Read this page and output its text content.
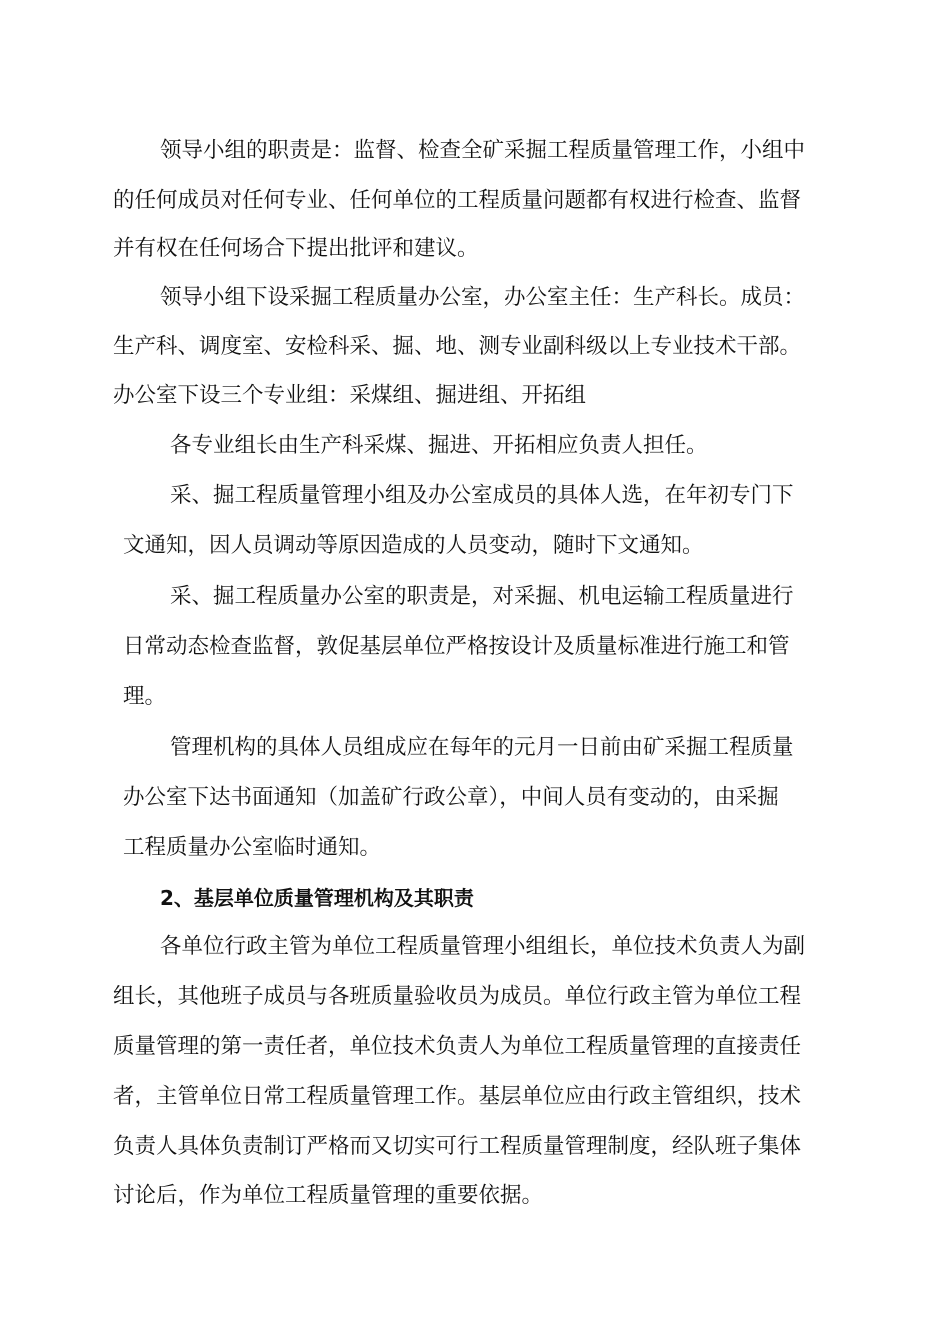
领导小组的职责是：监督、检查全矿采掘工程质量管理工作，小组中

的任何成员对任何专业、任何单位的工程质量问题都有权进行检查、监督

并有权在任何场合下提出批评和建议。

领导小组下设采掘工程质量办公室，办公室主任：生产科长。成员：

生产科、调度室、安检科采、掘、地、测专业副科级以上专业技术干部。

办公室下设三个专业组：采煤组、掘进组、开拓组

各专业组长由生产科采煤、掘进、开拓相应负责人担任。

采、掘工程质量管理小组及办公室成员的具体人选，在年初专门下

文通知，因人员调动等原因造成的人员变动，随时下文通知。

采、掘工程质量办公室的职责是，对采掘、机电运输工程质量进行

日常动态检查监督，敦促基层单位严格按设计及质量标准进行施工和管

理。

管理机构的具体人员组成应在每年的元月一日前由矿采掘工程质量

办公室下达书面通知（加盖矿行政公章），中间人员有变动的，由采掘

工程质量办公室临时通知。

2、基层单位质量管理机构及其职责

各单位行政主管为单位工程质量管理小组组长，单位技术负责人为副

组长，其他班子成员与各班质量验收员为成员。单位行政主管为单位工程

质量管理的第一责任者，单位技术负责人为单位工程质量管理的直接责任

者，主管单位日常工程质量管理工作。基层单位应由行政主管组织，技术

负责人具体负责制订严格而又切实可行工程质量管理制度，经队班子集体

讨论后，作为单位工程质量管理的重要依据。
